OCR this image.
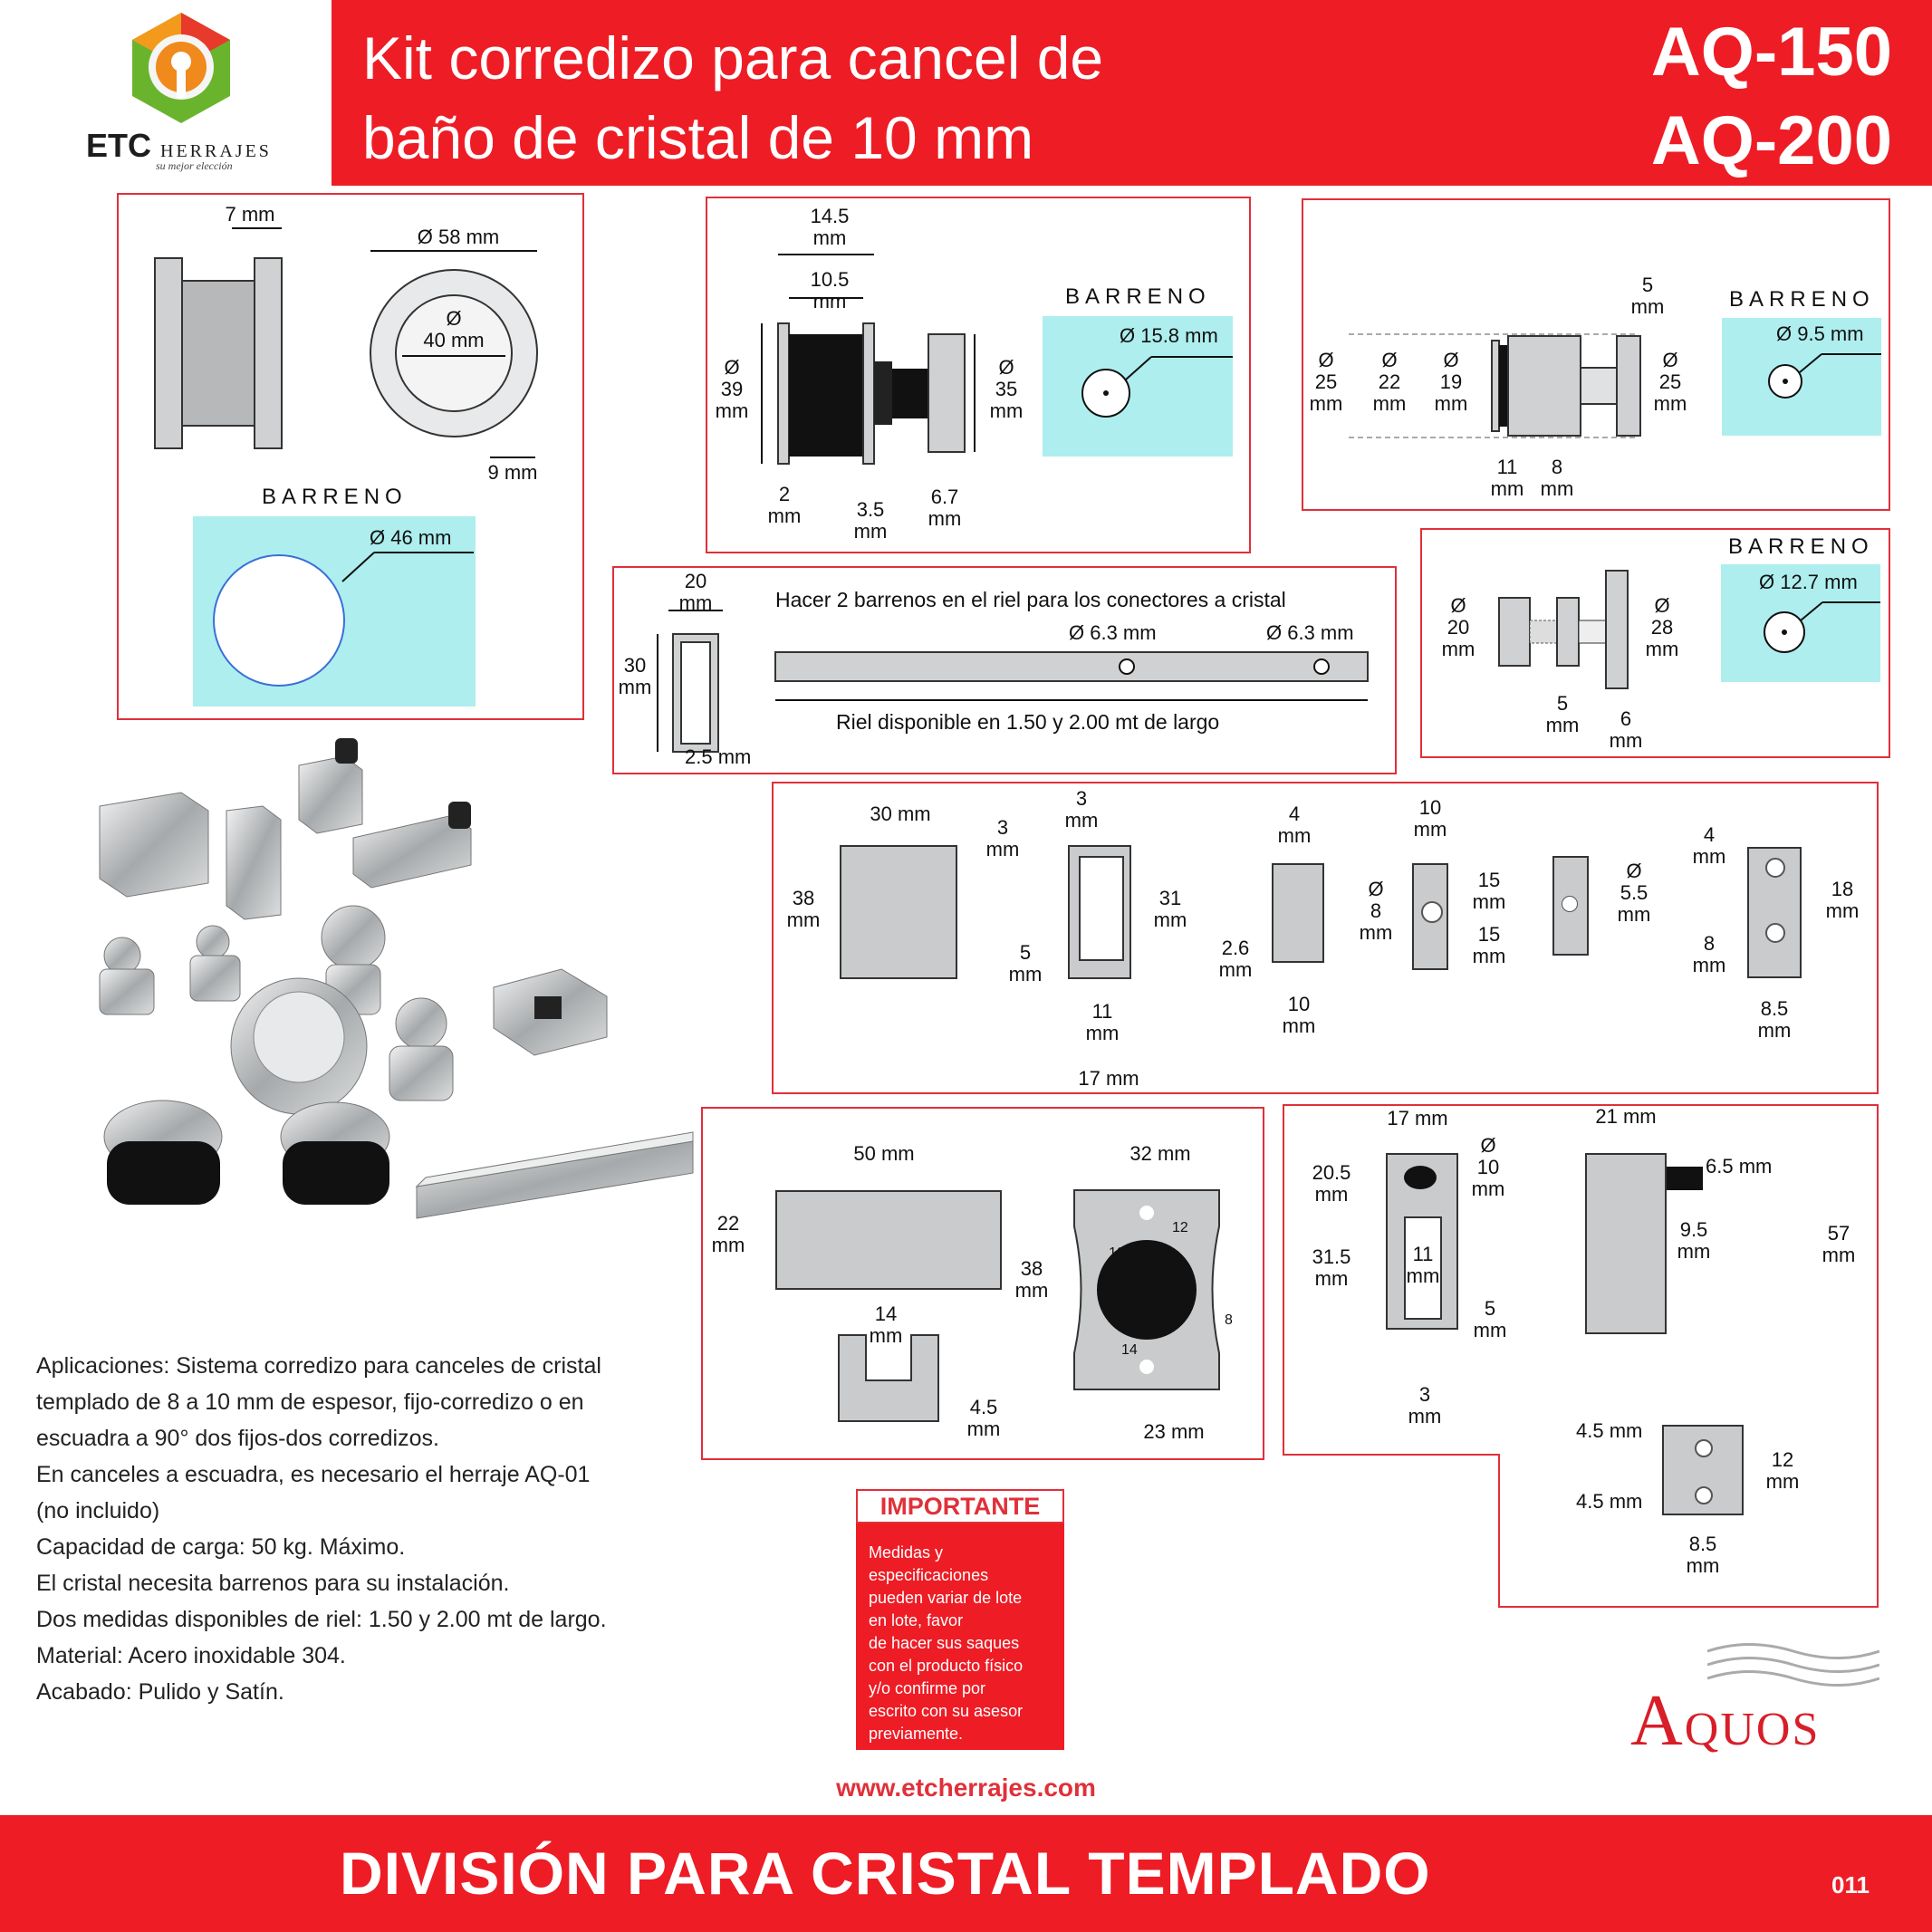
ETC HERRAJES
su mejor elección
Kit corredizo para cancel de
baño de cristal de 10 mm
AQ-150
AQ-200
7 mm
Ø 58 mm
Ø
40 mm
9 mm
BARRENO
Ø 46 mm
14.5
mm
10.5
mm
Ø
39
mm
Ø
35
mm
2
mm	3.5
mm
6.7
mm
BARRENO
Ø 15.8 mm
5
mm
Ø
25
mm
Ø
22
mm
Ø
19
mm
Ø
25
mm
11
mm
8
mm
BARRENO
Ø 9.5 mm
20
mm
30
mm
2.5 mm
Hacer 2 barrenos en el riel para los conectores a cristal
Ø 6.3 mm	Ø 6.3 mm
Riel disponible en 1.50 y 2.00 mt de largo
Ø
20
mm
Ø
28
mm
5
mm	6
mm
BARRENO
Ø 12.7 mm
30 mm
38
mm
3
mm
3
mm
31
mm
5
mm
11
mm
17 mm
4
mm
2.6
mm
10
mm
10
mm
Ø
8
mm
15
mm
15
mm
Ø
5.5
mm
4
mm
18
mm
8
mm
8.5
mm
50 mm
22
mm
14
mm
4.5
mm
32 mm
38
mm
23 mm
12
10
8
14
17 mm
20.5
mm
Ø
10
mm
31.5
mm
11
mm
5
mm
3
mm
21 mm
6.5 mm
9.5
mm
57
mm
4.5 mm
4.5 mm
12
mm
8.5
mm
Aplicaciones: Sistema corredizo para canceles de cristal
templado de 8 a 10 mm de espesor, fijo-corredizo o en
escuadra a 90° dos fijos-dos corredizos.
En canceles a escuadra, es necesario el herraje AQ-01
(no incluido)
Capacidad de carga: 50 kg. Máximo.
El cristal necesita barrenos para su instalación.
Dos medidas disponibles de riel: 1.50 y 2.00 mt de largo.
Material: Acero inoxidable 304.
Acabado: Pulido y Satín.
IMPORTANTE
Medidas y
especificaciones
pueden variar de lote
en lote, favor
de hacer sus saques
con el producto físico
y/o confirme por
escrito con su asesor
previamente.	AQUOS
www.etcherrajes.com
DIVISIÓN PARA CRISTAL TEMPLADO	011
